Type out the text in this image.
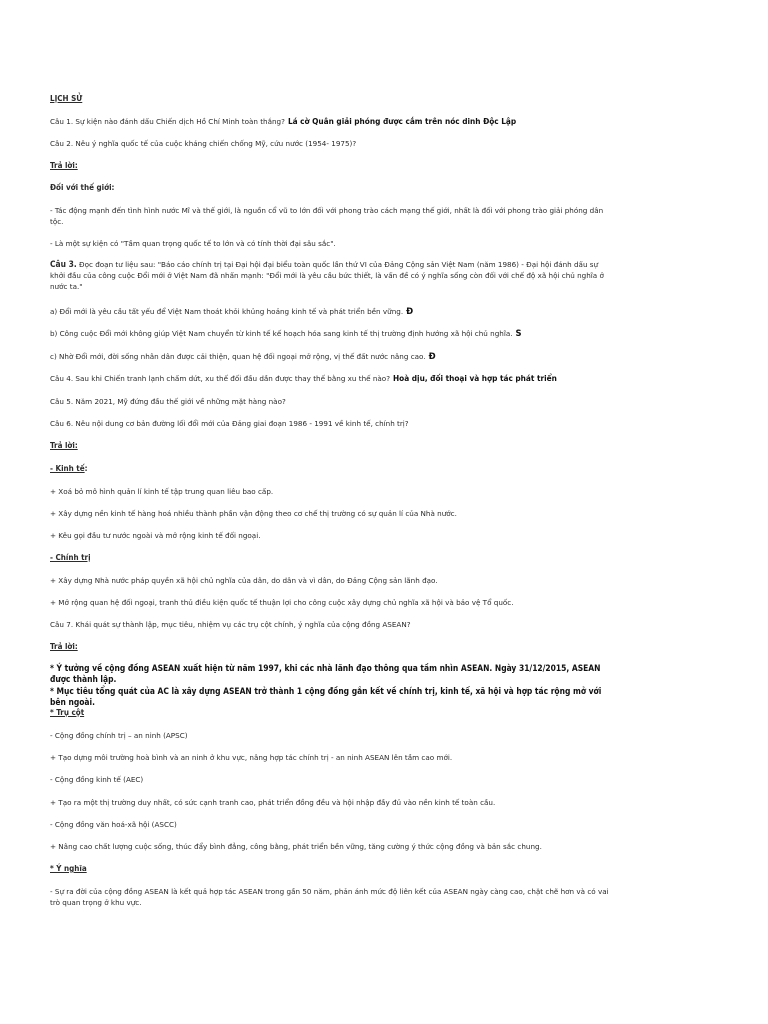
LỊCH SỬ
Câu 1. Sự kiện nào đánh dấu Chiến dịch Hồ Chí Minh toàn thắng? Lá cờ Quân giải phóng được cắm trên nóc dinh Độc Lập
Câu 2. Nêu ý nghĩa quốc tế của cuộc kháng chiến chống Mỹ, cứu nước (1954- 1975)?
Trả lời:
Đối với thế giới:
- Tác động mạnh đến tình hình nước Mĩ và thế giới, là nguồn cổ vũ to lớn đối với phong trào cách mạng thế giới, nhất là đối với phong trào giải phóng dân tộc.
- Là một sự kiện có "Tầm quan trọng quốc tế to lớn và có tính thời đại sâu sắc".
Câu 3. Đọc đoạn tư liệu sau: "Báo cáo chính trị tại Đại hội đại biểu toàn quốc lần thứ VI của Đảng Cộng sản Việt Nam (năm 1986) - Đại hội đánh dấu sự khởi đầu của công cuộc Đổi mới ở Việt Nam đã nhấn mạnh: "Đổi mới là yêu cầu bức thiết, là vấn đề có ý nghĩa sống còn đối với chế độ xã hội chủ nghĩa ở nước ta."
a) Đổi mới là yêu cầu tất yếu để Việt Nam thoát khỏi khủng hoảng kinh tế và phát triển bền vững. Đ
b) Công cuộc Đổi mới không giúp Việt Nam chuyển từ kinh tế kế hoạch hóa sang kinh tế thị trường định hướng xã hội chủ nghĩa. S
c) Nhờ Đổi mới, đời sống nhân dân được cải thiện, quan hệ đối ngoại mở rộng, vị thế đất nước nâng cao. Đ
Câu 4. Sau khi Chiến tranh lạnh chấm dứt, xu thế đối đầu dần được thay thế bằng xu thế nào? Hoà dịu, đối thoại và hợp tác phát triển
Câu 5. Năm 2021, Mỹ đứng đầu thế giới về những mặt hàng nào?
Câu 6. Nêu nội dung cơ bản đường lối đổi mới của Đảng giai đoạn 1986 - 1991 về kinh tế, chính trị?
Trả lời:
- Kinh tế:
+ Xoá bỏ mô hình quản lí kinh tế tập trung quan liêu bao cấp.
+ Xây dựng nền kinh tế hàng hoá nhiều thành phần vận động theo cơ chế thị trường có sự quản lí của Nhà nước.
+ Kêu gọi đầu tư nước ngoài và mở rộng kinh tế đối ngoại.
- Chính trị
+ Xây dựng Nhà nước pháp quyền xã hội chủ nghĩa của dân, do dân và vì dân, do Đảng Cộng sản lãnh đạo.
+ Mở rộng quan hệ đối ngoại, tranh thủ điều kiện quốc tế thuận lợi cho công cuộc xây dựng chủ nghĩa xã hội và bảo vệ Tổ quốc.
Câu 7. Khái quát sự thành lập, mục tiêu, nhiệm vụ các trụ cột chính, ý nghĩa của cộng đồng ASEAN?
Trả lời:
* Ý tưởng về cộng đồng ASEAN xuất hiện từ năm 1997, khi các nhà lãnh đạo thông qua tầm nhìn ASEAN. Ngày 31/12/2015, ASEAN được thành lập.
* Mục tiêu tổng quát của AC là xây dựng ASEAN trở thành 1 cộng đồng gắn kết về chính trị, kinh tế, xã hội và hợp tác rộng mở với bên ngoài.
* Trụ cột
- Cộng đồng chính trị – an ninh (APSC)
+ Tạo dựng môi trường hoà bình và an ninh ở khu vực, nâng hợp tác chính trị - an ninh ASEAN lên tầm cao mới.
- Cộng đồng kinh tế (AEC)
+ Tạo ra một thị trường duy nhất, có sức cạnh tranh cao, phát triển đồng đều và hội nhập đầy đủ vào nền kinh tế toàn cầu.
- Cộng đồng văn hoá-xã hội (ASCC)
+ Nâng cao chất lượng cuộc sống, thúc đẩy bình đẳng, công bằng, phát triển bền vững, tăng cường ý thức cộng đồng và bản sắc chung.
* Ý nghĩa
- Sự ra đời của cộng đồng ASEAN là kết quả hợp tác ASEAN trong gần 50 năm, phản ánh mức độ liên kết của ASEAN ngày càng cao, chặt chẽ hơn và có vai trò quan trọng ở khu vực.
